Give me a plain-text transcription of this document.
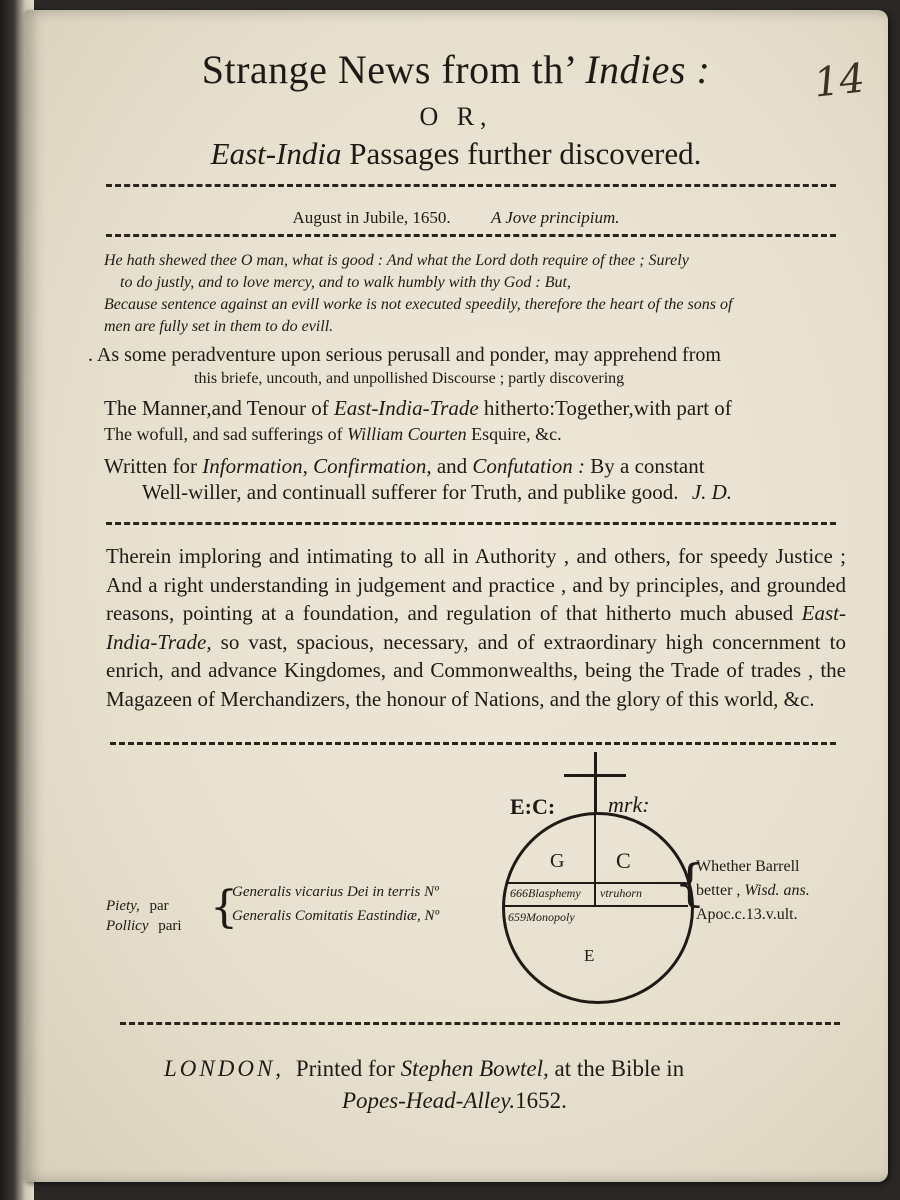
14
Strange News from th’ Indies :
O R,
East-India Passages further discovered.
August in Jubile, 1650. A Jove principium.
He hath shewed thee O man, what is good : And what the Lord doth require of thee ; Surely
to do justly, and to love mercy, and to walk humbly with thy God : But,
Because sentence against an evill worke is not executed speedily, therefore the heart of the sons of
men are fully set in them to do evill.
. As some peradventure upon serious perusall and ponder, may apprehend from
this briefe, uncouth, and unpollished Discourse ; partly discovering
The Manner,and Tenour of East-India-Trade hitherto:Together,with part of
The wofull, and sad sufferings of William Courten Esquire, &c.
Written for Information, Confirmation, and Confutation : By a constant
Well-willer, and continuall sufferer for Truth, and publike good. J. D.
Therein imploring and intimating to all in Authority , and others, for speedy Justice ; And a right understanding in judgement and practice , and by principles, and grounded reasons, pointing at a foundation, and regulation of that hitherto much abused East-India-Trade, so vast, spacious, necessary, and of extraordinary high concernment to enrich, and advance Kingdomes, and Commonwealths, being the Trade of trades , the Magazeen of Merchandizers, the honour of Nations, and the glory of this world, &c.
E:C: mrk:
G C
666Blasphemy vtruhorn
659Monopoly
E
Piety, par
Pollicy pari {
Generalis vicarius Dei in terris Nº
Generalis Comitatis Eastindiæ, Nº
{
Whether Barrell
better , Wisd. ans.
Apoc.c.13.v.ult.
LONDON, Printed for Stephen Bowtel, at the Bible in
Popes-Head-Alley.1652.
